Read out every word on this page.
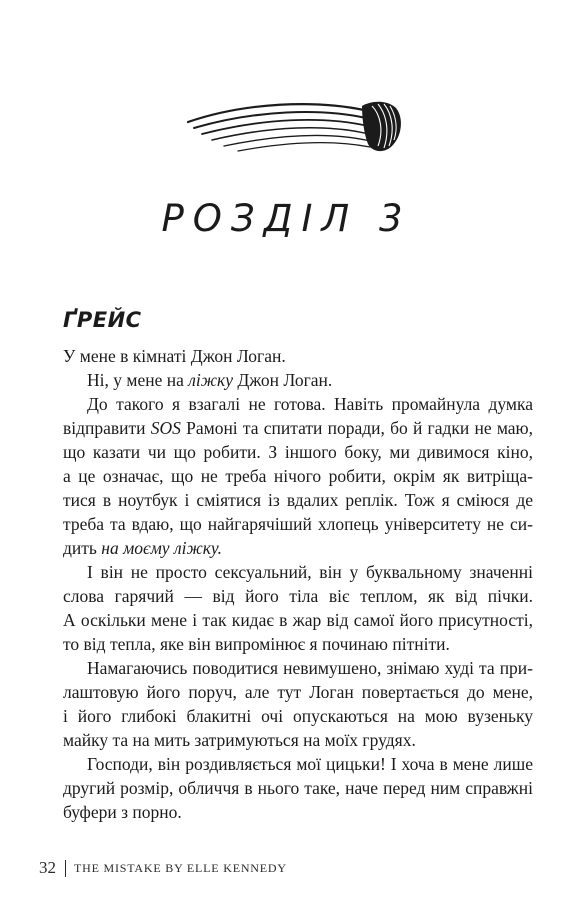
РОЗДІЛ 3
ҐРЕЙС

У мене в кімнаті Джон Логан.

Ні, у мене на ліжку Джон Логан.

До такого я взагалі не готова. Навіть промайнула думка
відправити SOS Рамоні та спитати поради, бо й гадки не маю,
що казати чи що робити. З іншого боку, ми дивимося кіно,
а це означає, що не треба нічого робити, окрім як витріща-
тися в ноутбук і сміятися із вдалих реплік. Тож я сміюся де
треба та вдаю, що найгарячіший хлопець університету не си-
дить на моєму ліжку.

І він не просто сексуальний, він у буквальному значенні
слова гарячий — від його тіла віє теплом, як від пічки.
А оскільки мене і так кидає в жар від самої його присутності,
то від тепла, яке він випромінює я починаю пітніти.

Намагаючись поводитися невимушено, знімаю худі та при-
лаштовую його поруч, але тут Логан повертається до мене,
і його глибокі блакитні очі опускаються на мою вузеньку
майку та на мить затримуються на моїх грудях.

Господи, він роздивляється мої цицьки! І хоча в мене лише
другий розмір, обличчя в нього таке, наче перед ним справжні
буфери з порно.

32 THE MISTAKE BY ELLE KENNEDY
